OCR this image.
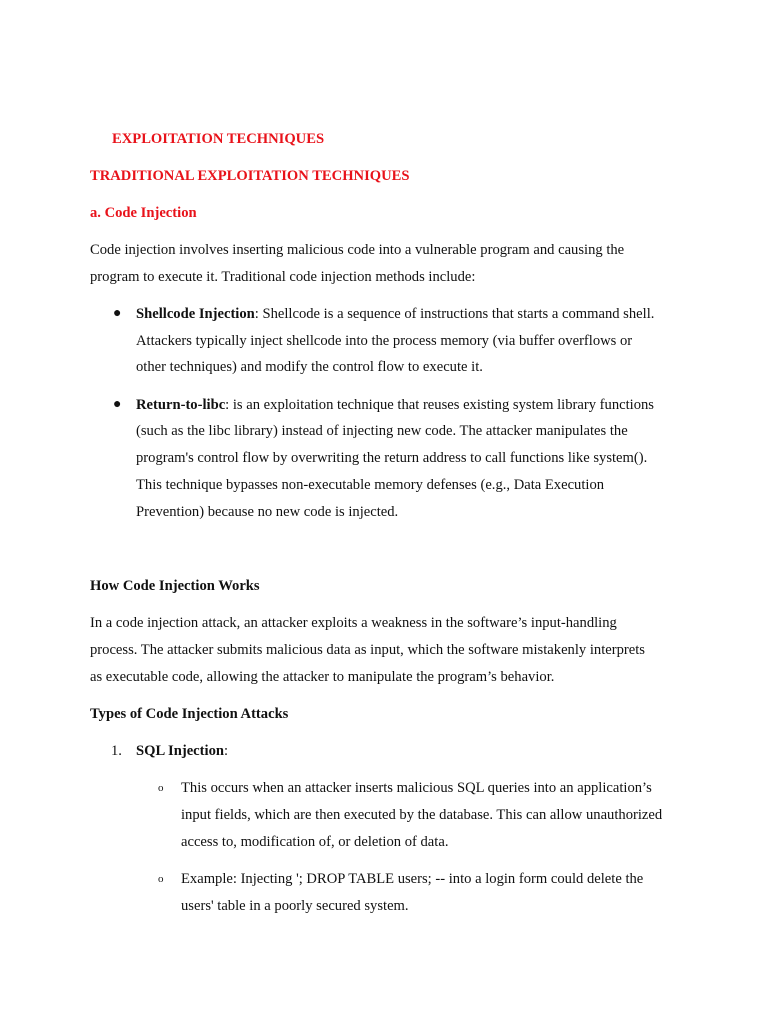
EXPLOITATION TECHNIQUES
TRADITIONAL EXPLOITATION TECHNIQUES
a. Code Injection
Code injection involves inserting malicious code into a vulnerable program and causing the
program to execute it. Traditional code injection methods include:
● Shellcode Injection: Shellcode is a sequence of instructions that starts a command shell.
Attackers typically inject shellcode into the process memory (via buffer overflows or
other techniques) and modify the control flow to execute it.
● Return-to-libc: is an exploitation technique that reuses existing system library functions
(such as the libc library) instead of injecting new code. The attacker manipulates the
program's control flow by overwriting the return address to call functions like system().
This technique bypasses non-executable memory defenses (e.g., Data Execution
Prevention) because no new code is injected.
How Code Injection Works
In a code injection attack, an attacker exploits a weakness in the software’s input-handling
process. The attacker submits malicious data as input, which the software mistakenly interprets
as executable code, allowing the attacker to manipulate the program’s behavior.
Types of Code Injection Attacks
1. SQL Injection:
o This occurs when an attacker inserts malicious SQL queries into an application’s
input fields, which are then executed by the database. This can allow unauthorized
access to, modification of, or deletion of data.
o Example: Injecting '; DROP TABLE users; -- into a login form could delete the
users' table in a poorly secured system.
